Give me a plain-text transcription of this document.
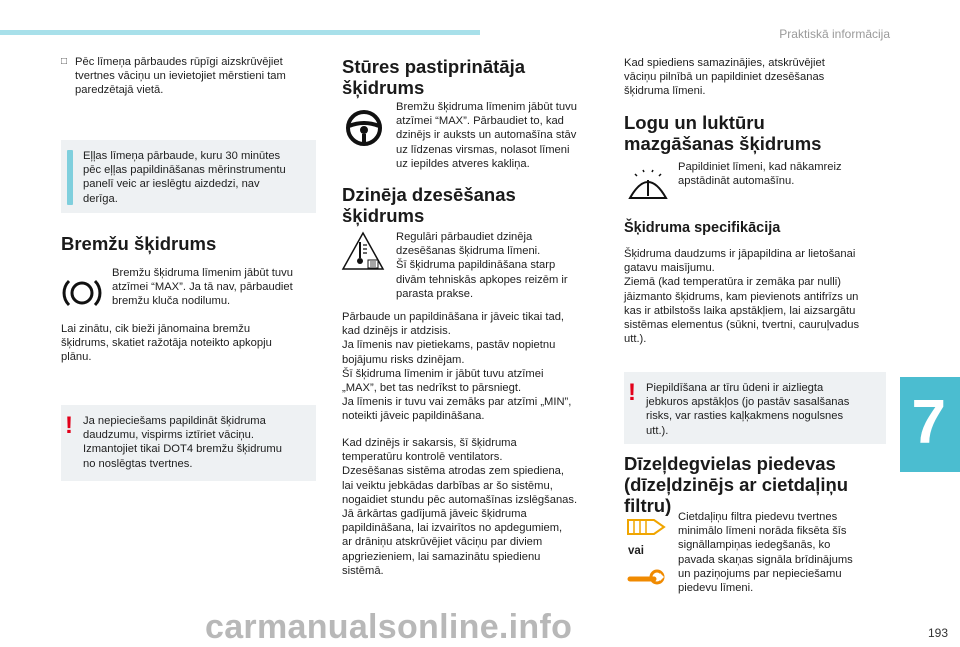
Praktiskā informācija
7
193
□ Pēc līmeņa pārbaudes rūpīgi aizskrūvējiet
tvertnes vāciņu un ievietojiet mērstieni tam
paredzētajā vietā.
Eļļas līmeņa pārbaude, kuru 30 minūtes
pēc eļļas papildināšanas mērinstrumentu
panelī veic ar ieslēgtu aizdedzi, nav
derīga.
Bremžu šķidrums
Bremžu šķidruma līmenim jābūt tuvu
atzīmei “MAX”. Ja tā nav, pārbaudiet
bremžu kluča nodilumu.
Lai zinātu, cik bieži jānomaina bremžu
šķidrums, skatiet ražotāja noteikto apkopju
plānu.
! Ja nepieciešams papildināt šķidruma
daudzumu, vispirms iztīriet vāciņu.
Izmantojiet tikai DOT4 bremžu šķidrumu
no noslēgtas tvertnes.
Stūres pastiprinātāja
šķidrums
Bremžu šķidruma līmenim jābūt tuvu
atzīmei “MAX”. Pārbaudiet to, kad
dzinējs ir auksts un automašīna stāv
uz līdzenas virsmas, nolasot līmeni
uz iepildes atveres kakliņa.
Dzinēja dzesēšanas
šķidrums
Regulāri pārbaudiet dzinēja
dzesēšanas šķidruma līmeni.
Šī šķidruma papildināšana starp
divām tehniskās apkopes reizēm ir
parasta prakse.
Pārbaude un papildināšana ir jāveic tikai tad,
kad dzinējs ir atdzisis.
Ja līmenis nav pietiekams, pastāv nopietnu
bojājumu risks dzinējam.
Šī šķidruma līmenim ir jābūt tuvu atzīmei
„MAX”, bet tas nedrīkst to pārsniegt.
Ja līmenis ir tuvu vai zemāks par atzīmi „MIN”,
noteikti jāveic papildināšana.
Kad dzinējs ir sakarsis, šī šķidruma
temperatūru kontrolē ventilators.
Dzesēšanas sistēma atrodas zem spiediena,
lai veiktu jebkādas darbības ar šo sistēmu,
nogaidiet stundu pēc automašīnas izslēgšanas.
Jā ārkārtas gadījumā jāveic šķidruma
papildināšana, lai izvairītos no apdegumiem,
ar drāniņu atskrūvējiet vāciņu par diviem
apgriezieniem, lai samazinātu spiedienu
sistēmā.
Kad spiediens samazinājies, atskrūvējiet
vāciņu pilnībā un papildiniet dzesēšanas
šķidruma līmeni.
Logu un luktūru
mazgāšanas šķidrums
Papildiniet līmeni, kad nākamreiz
apstādināt automašīnu.
Šķidruma specifikācija
Šķidruma daudzums ir jāpapildina ar lietošanai
gatavu maisījumu.
Ziemā (kad temperatūra ir zemāka par nulli)
jāizmanto šķidrums, kam pievienots antifrīzs un
kas ir atbilstošs laika apstākļiem, lai aizsargātu
sistēmas elementus (sūkni, tvertni, cauruļvadus
utt.).
! Piepildīšana ar tīru ūdeni ir aizliegta
jebkuros apstākļos (jo pastāv sasalšanas
risks, var rasties kaļķakmens nogulsnes
utt.).
Dīzeļdegvielas piedevas
(dīzeļdzinējs ar cietdaļiņu
filtru)
vai
Cietdaļiņu filtra piedevu tvertnes
minimālo līmeni norāda fiksēta šīs
signāllampiņas iedegšanās, ko
pavada skaņas signāla brīdinājums
un paziņojums par nepieciešamu
piedevu līmeni.
carmanualsonline.info
